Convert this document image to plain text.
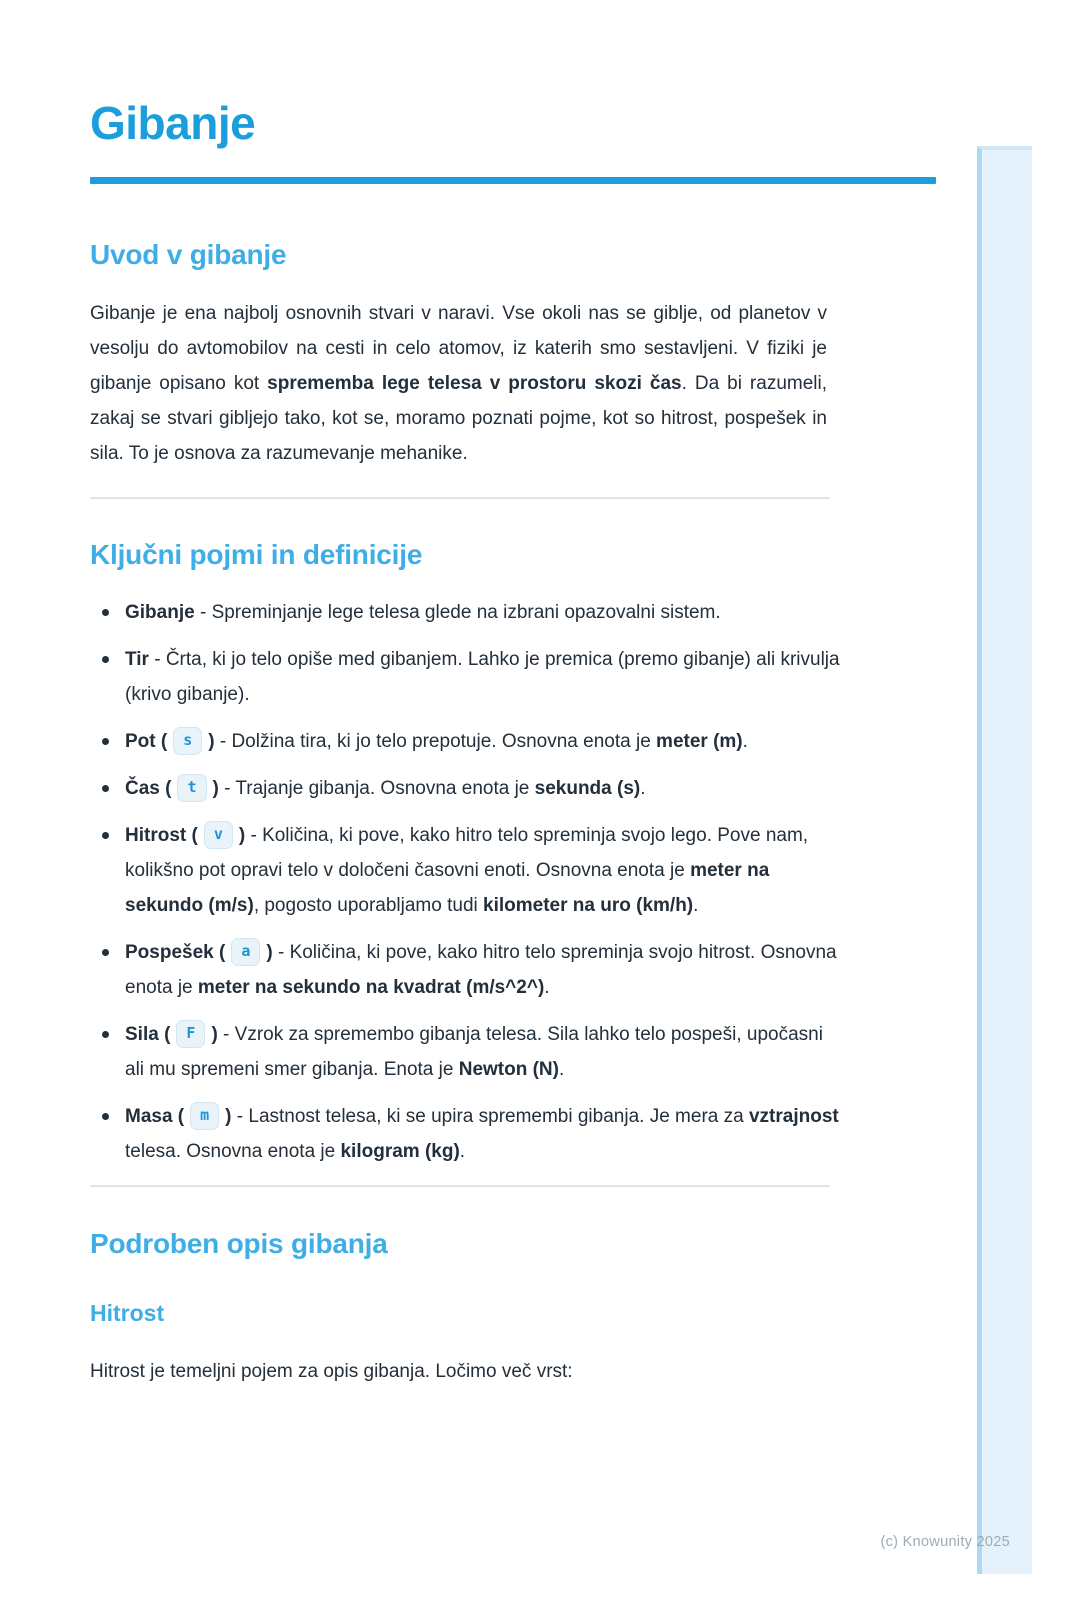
Gibanje
Uvod v gibanje

Gibanje je ena najbolj osnovnih stvari v naravi. Vse okoli nas se giblje, od planetov v vesolju do avtomobilov na cesti in celo atomov, iz katerih smo sestavljeni. V fiziki je gibanje opisano kot sprememba lege telesa v prostoru skozi čas. Da bi razumeli, zakaj se stvari gibljejo tako, kot se, moramo poznati pojme, kot so hitrost, pospešek in sila. To je osnova za razumevanje mehanike.

Ključni pojmi in definicije
Gibanje - Spreminjanje lege telesa glede na izbrani opazovalni sistem.
Tir - Črta, ki jo telo opiše med gibanjem. Lahko je premica (premo gibanje) ali krivulja (krivo gibanje).
Pot ( s ) - Dolžina tira, ki jo telo prepotuje. Osnovna enota je meter (m).
Čas ( t ) - Trajanje gibanja. Osnovna enota je sekunda (s).
Hitrost ( v ) - Količina, ki pove, kako hitro telo spreminja svojo lego. Pove nam, kolikšno pot opravi telo v določeni časovni enoti. Osnovna enota je meter na sekundo (m/s), pogosto uporabljamo tudi kilometer na uro (km/h).
Pospešek ( a ) - Količina, ki pove, kako hitro telo spreminja svojo hitrost. Osnovna enota je meter na sekundo na kvadrat (m/s^2^).
Sila ( F ) - Vzrok za spremembo gibanja telesa. Sila lahko telo pospeši, upočasni ali mu spremeni smer gibanja. Enota je Newton (N).
Masa ( m ) - Lastnost telesa, ki se upira spremembi gibanja. Je mera za vztrajnost telesa. Osnovna enota je kilogram (kg).
Podroben opis gibanja
Hitrost

Hitrost je temeljni pojem za opis gibanja. Ločimo več vrst:

(c) Knowunity 2025
